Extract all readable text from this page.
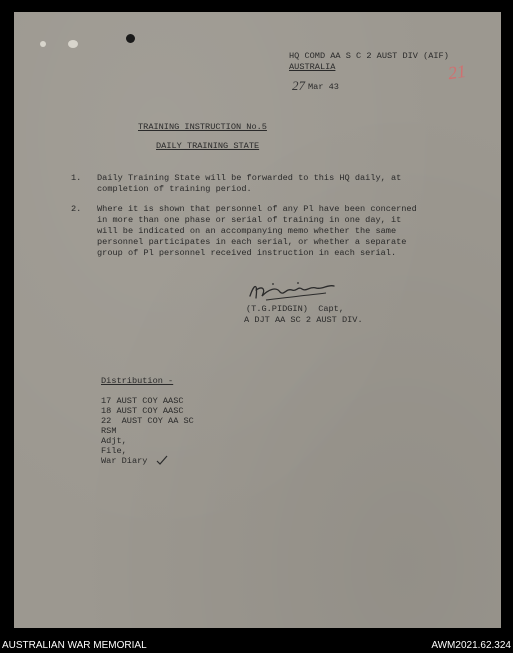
HQ COMD AA S C 2 AUST DIV (AIF)
AUSTRALIA	21
27 Mar 43
TRAINING INSTRUCTION No.5
DAILY TRAINING STATE
1. Daily Training State will be forwarded to this HQ daily, at
completion of training period.
2. Where it is shown that personnel of any Pl have been concerned
in more than one phase or serial of training in one day, it
will be indicated on an accompanying memo whether the same
personnel participates in each serial, or whether a separate
group of Pl personnel received instruction in each serial.
(T.G.PIDGIN)  Capt,
A DJT AA SC 2 AUST DIV.
Distribution -
17 AUST COY AASC
18 AUST COY AASC
22  AUST COY AA SC
RSM
Adjt,
File,
War Diary
AUSTRALIAN WAR MEMORIAL	AWM2021.62.324
